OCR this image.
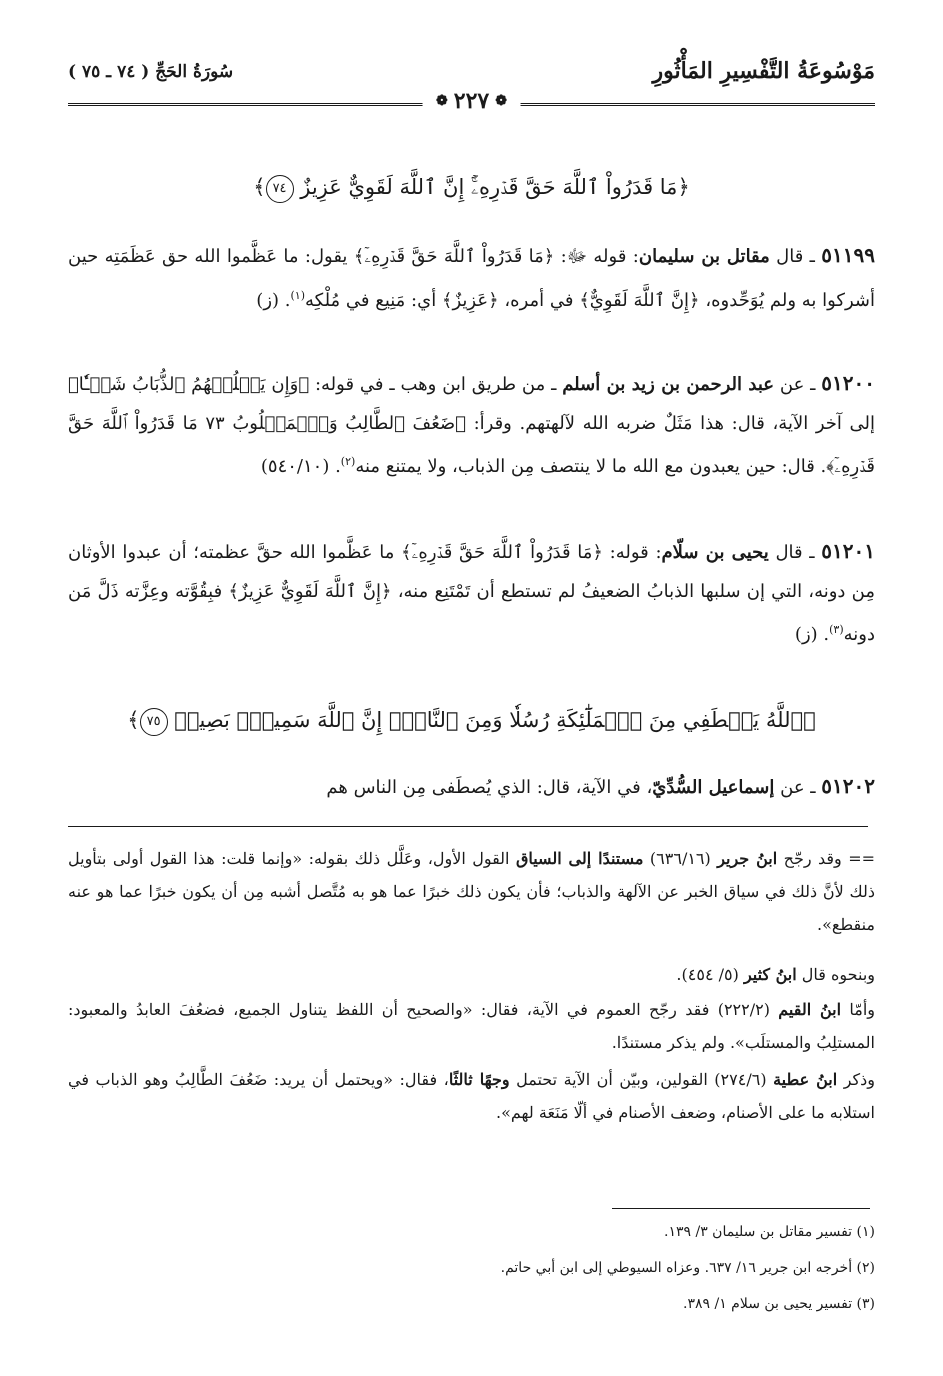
مَوْسُوعَةُ التَّفْسِيرِ المَأْثُورِ
سُورَةُ الحَجِّ ( ٧٤ ـ ٧٥ )
❁
٢٢٧
❁
﴿مَا قَدَرُواْ ٱللَّهَ حَقَّ قَدۡرِهِۦٓۚ إِنَّ ٱللَّهَ لَقَوِيٌّ عَزِيزٌ ٧٤﴾
٥١١٩٩ ـ قال مقاتل بن سليمان: قوله ﷻ: ﴿مَا قَدَرُواْ ٱللَّهَ حَقَّ قَدۡرِهِۦٓ﴾ يقول: ما عَظَّموا الله حق عَظَمَتِه حين أشركوا به ولم يُوَحِّدوه، ﴿إِنَّ ٱللَّهَ لَقَوِيٌّ﴾ في أمره، ﴿عَزِيزٌ﴾ أي: مَنِيع في مُلْكِه$^{(١)}$. (ز)
٥١٢٠٠ ـ عن عبد الرحمن بن زيد بن أسلم ـ من طريق ابن وهب ـ في قوله: ﴿وَإِن يَسۡلُبۡهُمُ ٱلذُّبَابُ شَيۡـٔٗا﴾ إلى آخر الآية، قال: هذا مَثَلٌ ضربه الله لآلهتهم. وقرأ: ﴿ضَعُفَ ٱلطَّالِبُ وَٱلۡمَطۡلُوبُ ٧٣ مَا قَدَرُواْ ٱللَّهَ حَقَّ قَدۡرِهِۦٓ﴾. قال: حين يعبدون مع الله ما لا ينتصف مِن الذباب، ولا يمتنع منه$^{(٢)}$. (٥٤٠/١٠)
٥١٢٠١ ـ قال يحيى بن سلّام: قوله: ﴿مَا قَدَرُواْ ٱللَّهَ حَقَّ قَدۡرِهِۦٓ﴾ ما عَظَّموا الله حقَّ عظمته؛ أن عبدوا الأوثان مِن دونه، التي إن سلبها الذبابُ الضعيفُ لم تستطع أن تَمْتَنِع منه، ﴿إِنَّ ٱللَّهَ لَقَوِيٌّ عَزِيزٌ﴾ فبِقُوَّته وعِزَّته ذَلَّ مَن دونه$^{(٣)}$. (ز)
﴿ٱللَّهُ يَصۡطَفِي مِنَ ٱلۡمَلَٰٓئِكَةِ رُسُلٗا وَمِنَ ٱلنَّاسِۚ إِنَّ ٱللَّهَ سَمِيعُۢ بَصِيرٞ ٧٥﴾
٥١٢٠٢ ـ عن إسماعيل السُّدِّيّ، في الآية، قال: الذي يُصطَفى مِن الناس هم
== وقد رجّح ابنُ جرير (٦٣٦/١٦) مستندًا إلى السياق القول الأول، وعَلَّل ذلك بقوله: «وإنما قلت: هذا القول أولى بتأويل ذلك لأنَّ ذلك في سياق الخبر عن الآلهة والذباب؛ فأن يكون ذلك خبرًا عما هو به مُتَّصل أشبه مِن أن يكون خبرًا عما هو عنه منقطع».
وبنحوه قال ابنُ كثير (٥/ ٤٥٤).
وأمّا ابنُ القيم (٢٢٢/٢) فقد رجّح العموم في الآية، فقال: «والصحيح أن اللفظ يتناول الجميع، فضعُفَ العابدُ والمعبود: المستلِبُ والمستلَب». ولم يذكر مستندًا.
وذكر ابنُ عطية (٢٧٤/٦) القولين، وبيّن أن الآية تحتمل وجهًا ثالثًا، فقال: «ويحتمل أن يريد: ضَعُفَ الطَّالِبُ وهو الذباب في استلابه ما على الأصنام، وضعف الأصنام في ألّا مَنَعَة لهم».
(١) تفسير مقاتل بن سليمان ٣/ ١٣٩.
(٢) أخرجه ابن جرير ١٦/ ٦٣٧. وعزاه السيوطي إلى ابن أبي حاتم.
(٣) تفسير يحيى بن سلام ١/ ٣٨٩.
